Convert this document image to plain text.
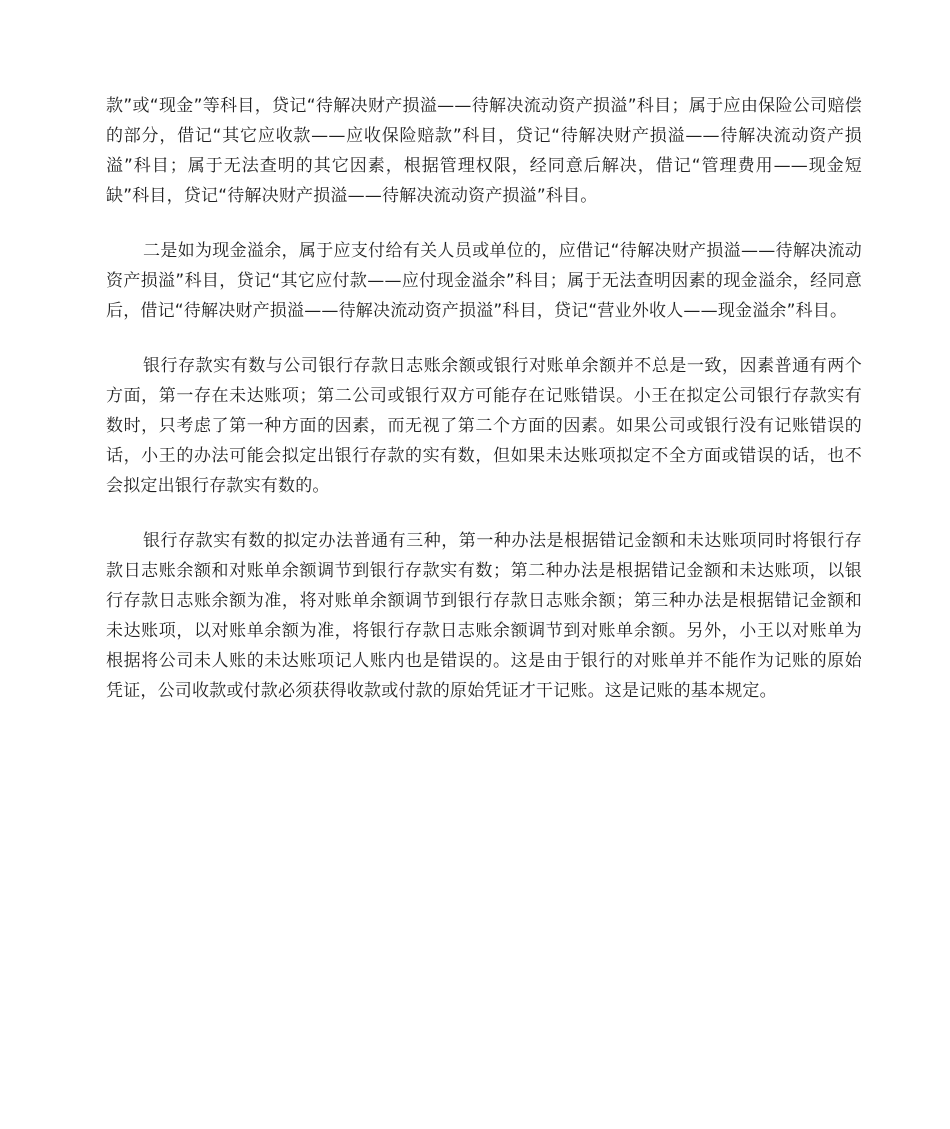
款”或“现金”等科目，贷记“待解决财产损溢——待解决流动资产损溢”科目；属于应由保险公司赔偿的部分，借记“其它应收款——应收保险赔款”科目，贷记“待解决财产损溢——待解决流动资产损溢”科目；属于无法查明的其它因素，根据管理权限，经同意后解决，借记“管理费用——现金短缺”科目，贷记“待解决财产损溢——待解决流动资产损溢”科目。

二是如为现金溢余，属于应支付给有关人员或单位的，应借记“待解决财产损溢——待解决流动资产损溢”科目，贷记“其它应付款——应付现金溢余”科目；属于无法查明因素的现金溢余，经同意后，借记“待解决财产损溢——待解决流动资产损溢”科目，贷记“营业外收人——现金溢余”科目。

银行存款实有数与公司银行存款日志账余额或银行对账单余额并不总是一致，因素普通有两个方面，第一存在未达账项；第二公司或银行双方可能存在记账错误。小王在拟定公司银行存款实有数时，只考虑了第一种方面的因素，而无视了第二个方面的因素。如果公司或银行没有记账错误的话，小王的办法可能会拟定出银行存款的实有数，但如果未达账项拟定不全方面或错误的话，也不会拟定出银行存款实有数的。

银行存款实有数的拟定办法普通有三种，第一种办法是根据错记金额和未达账项同时将银行存款日志账余额和对账单余额调节到银行存款实有数；第二种办法是根据错记金额和未达账项，以银行存款日志账余额为准，将对账单余额调节到银行存款日志账余额；第三种办法是根据错记金额和未达账项，以对账单余额为准，将银行存款日志账余额调节到对账单余额。另外，小王以对账单为根据将公司未人账的未达账项记人账内也是错误的。这是由于银行的对账单并不能作为记账的原始凭证，公司收款或付款必须获得收款或付款的原始凭证才干记账。这是记账的基本规定。
